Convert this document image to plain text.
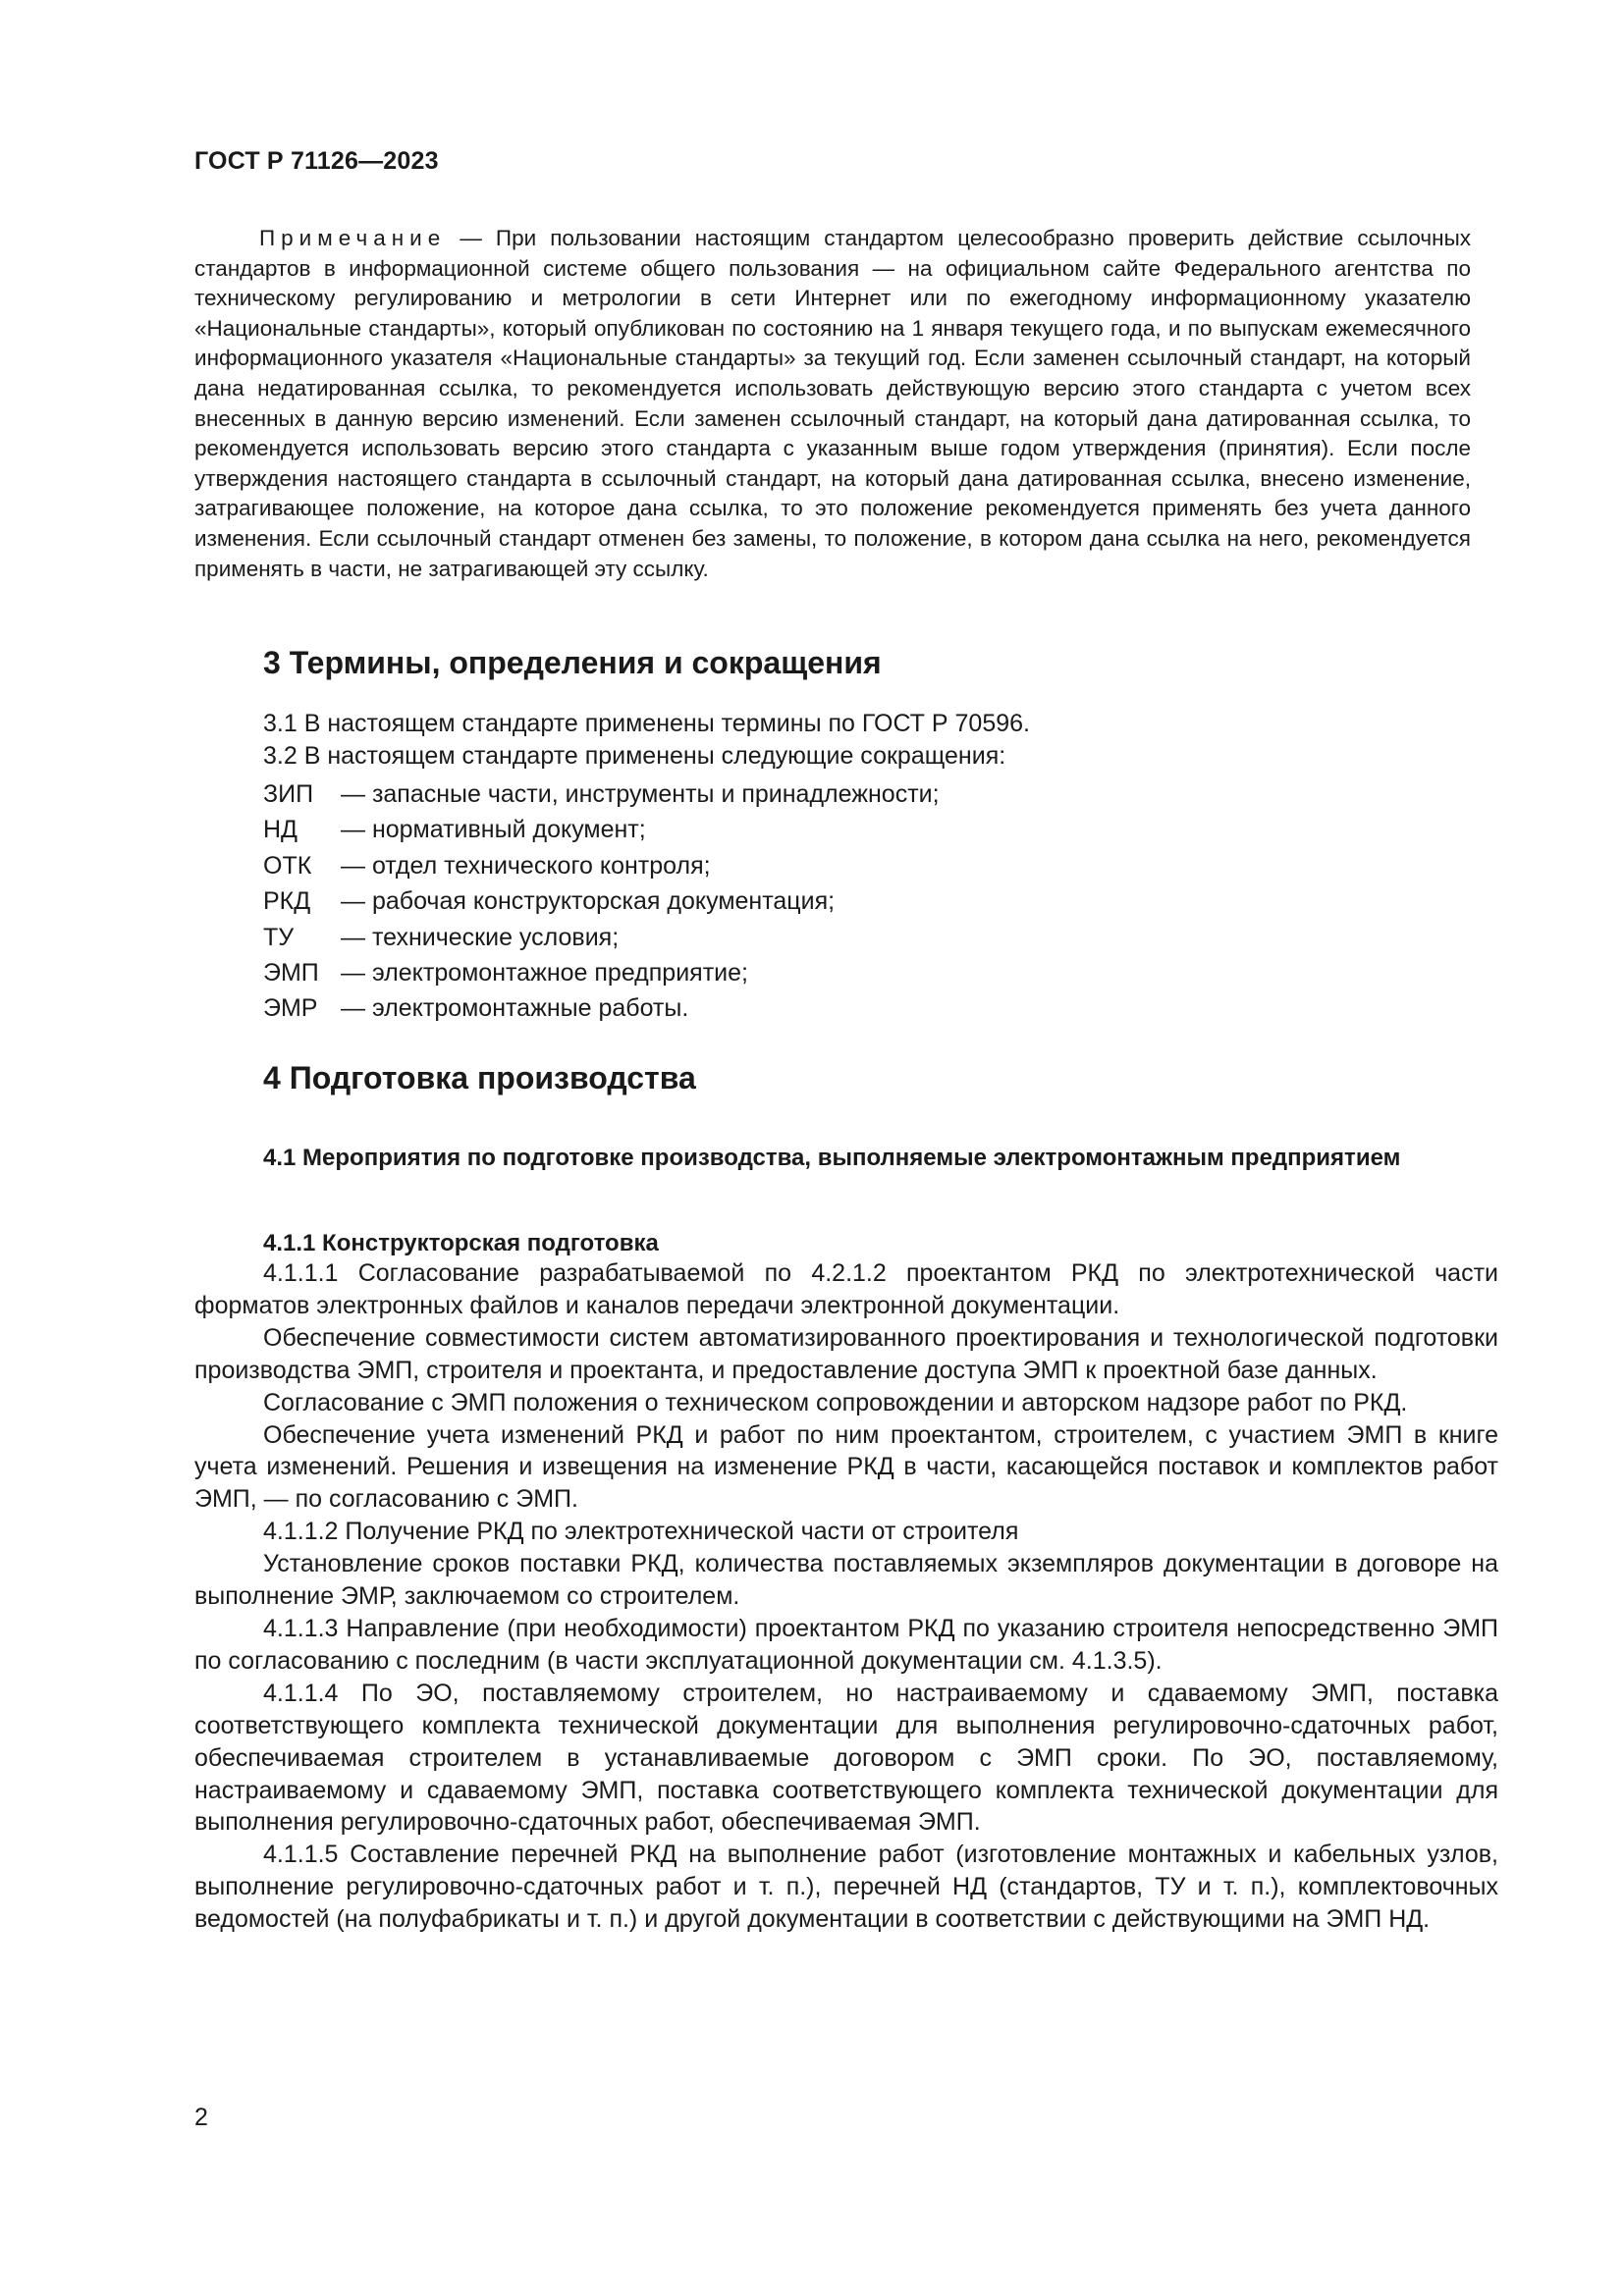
ГОСТ Р 71126—2023

Примечание — При пользовании настоящим стандартом целесообразно проверить действие ссылочных стандартов в информационной системе общего пользования — на официальном сайте Федерального агентства по техническому регулированию и метрологии в сети Интернет или по ежегодному информационному указателю «Национальные стандарты», который опубликован по состоянию на 1 января текущего года, и по выпускам ежемесячного информационного указателя «Национальные стандарты» за текущий год. Если заменен ссылочный стандарт, на который дана недатированная ссылка, то рекомендуется использовать действующую версию этого стандарта с учетом всех внесенных в данную версию изменений. Если заменен ссылочный стандарт, на который дана датированная ссылка, то рекомендуется использовать версию этого стандарта с указанным выше годом утверждения (принятия). Если после утверждения настоящего стандарта в ссылочный стандарт, на который дана датированная ссылка, внесено изменение, затрагивающее положение, на которое дана ссылка, то это положение рекомендуется применять без учета данного изменения. Если ссылочный стандарт отменен без замены, то положение, в котором дана ссылка на него, рекомендуется применять в части, не затрагивающей эту ссылку.

3 Термины, определения и сокращения

3.1 В настоящем стандарте применены термины по ГОСТ Р 70596.

3.2 В настоящем стандарте применены следующие сокращения:

ЗИП — запасные части, инструменты и принадлежности;
НД — нормативный документ;
ОТК — отдел технического контроля;
РКД — рабочая конструкторская документация;
ТУ — технические условия;
ЭМП — электромонтажное предприятие;
ЭМР — электромонтажные работы.
4 Подготовка производства
4.1 Мероприятия по подготовке производства, выполняемые электромонтажным предприятием
4.1.1 Конструкторская подготовка

4.1.1.1 Согласование разрабатываемой по 4.2.1.2 проектантом РКД по электротехнической части форматов электронных файлов и каналов передачи электронной документации.

Обеспечение совместимости систем автоматизированного проектирования и технологической подготовки производства ЭМП, строителя и проектанта, и предоставление доступа ЭМП к проектной базе данных.

Согласование с ЭМП положения о техническом сопровождении и авторском надзоре работ по РКД.

Обеспечение учета изменений РКД и работ по ним проектантом, строителем, с участием ЭМП в книге учета изменений. Решения и извещения на изменение РКД в части, касающейся поставок и комплектов работ ЭМП, — по согласованию с ЭМП.

4.1.1.2 Получение РКД по электротехнической части от строителя

Установление сроков поставки РКД, количества поставляемых экземпляров документации в договоре на выполнение ЭМР, заключаемом со строителем.

4.1.1.3 Направление (при необходимости) проектантом РКД по указанию строителя непосредственно ЭМП по согласованию с последним (в части эксплуатационной документации см. 4.1.3.5).

4.1.1.4 По ЭО, поставляемому строителем, но настраиваемому и сдаваемому ЭМП, поставка соответствующего комплекта технической документации для выполнения регулировочно-сдаточных работ, обеспечиваемая строителем в устанавливаемые договором с ЭМП сроки. По ЭО, поставляемому, настраиваемому и сдаваемому ЭМП, поставка соответствующего комплекта технической документации для выполнения регулировочно-сдаточных работ, обеспечиваемая ЭМП.

4.1.1.5 Составление перечней РКД на выполнение работ (изготовление монтажных и кабельных узлов, выполнение регулировочно-сдаточных работ и т. п.), перечней НД (стандартов, ТУ и т. п.), комплектовочных ведомостей (на полуфабрикаты и т. п.) и другой документации в соответствии с действующими на ЭМП НД.

2
